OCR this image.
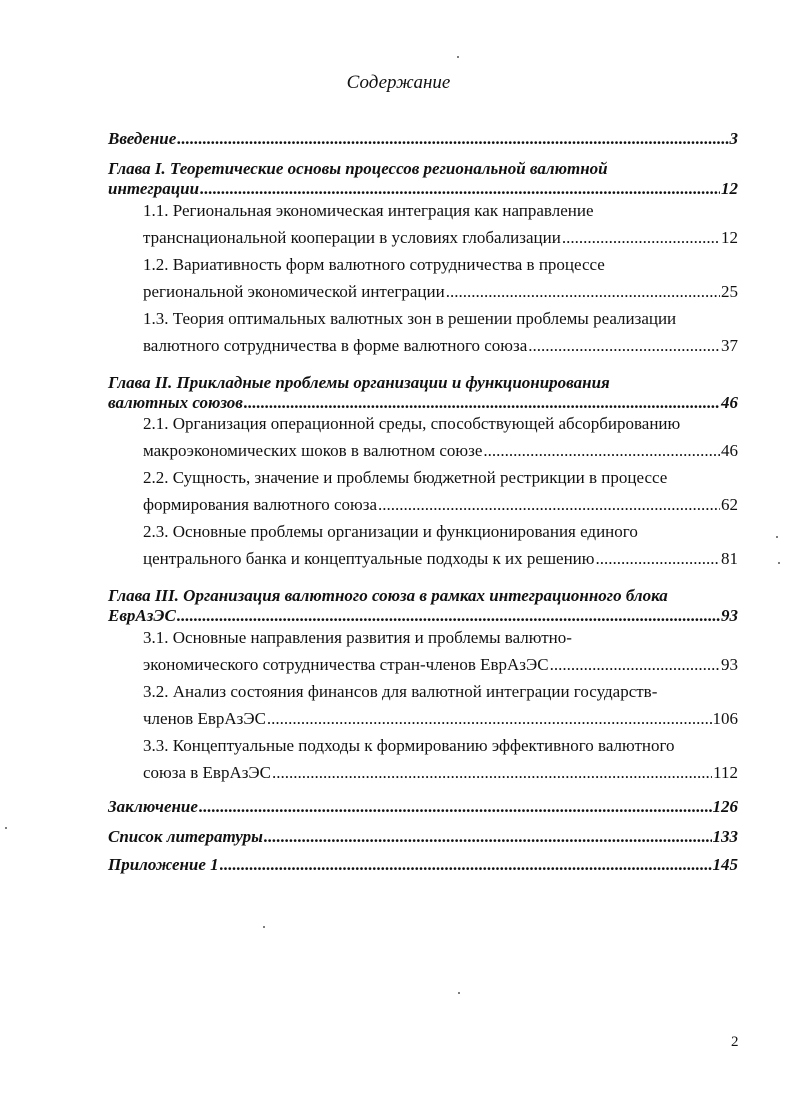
Содержание
Введение .....	3
Глава I. Теоретические основы процессов региональной валютной
интеграции .....	12
1.1. Региональная экономическая интеграция как направление
транснациональной кооперации в условиях глобализации .....	12
1.2. Вариативность форм валютного сотрудничества в процессе
региональной экономической интеграции .....	25
1.3. Теория оптимальных валютных зон в решении проблемы реализации
валютного сотрудничества в форме валютного союза .....	37
Глава II. Прикладные проблемы организации и функционирования
валютных союзов .....	46
2.1. Организация операционной среды, способствующей абсорбированию
макроэкономических шоков в валютном союзе .....	46
2.2. Сущность, значение и проблемы бюджетной рестрикции в процессе
формирования валютного союза .....	62
2.3. Основные проблемы организации и функционирования единого
центрального банка и концептуальные подходы к их решению .....	81
Глава III. Организация валютного союза в рамках интеграционного блока
ЕврАзЭС .....	93
3.1. Основные направления развития и проблемы валютно-
экономического сотрудничества стран-членов ЕврАзЭС .....	93
3.2. Анализ состояния финансов для валютной интеграции государств-
членов ЕврАзЭС .....	106
3.3. Концептуальные подходы к формированию эффективного валютного
союза в ЕврАзЭС .....	112
Заключение .....	126
Список литературы .....	133
Приложение 1 .....	145
2
